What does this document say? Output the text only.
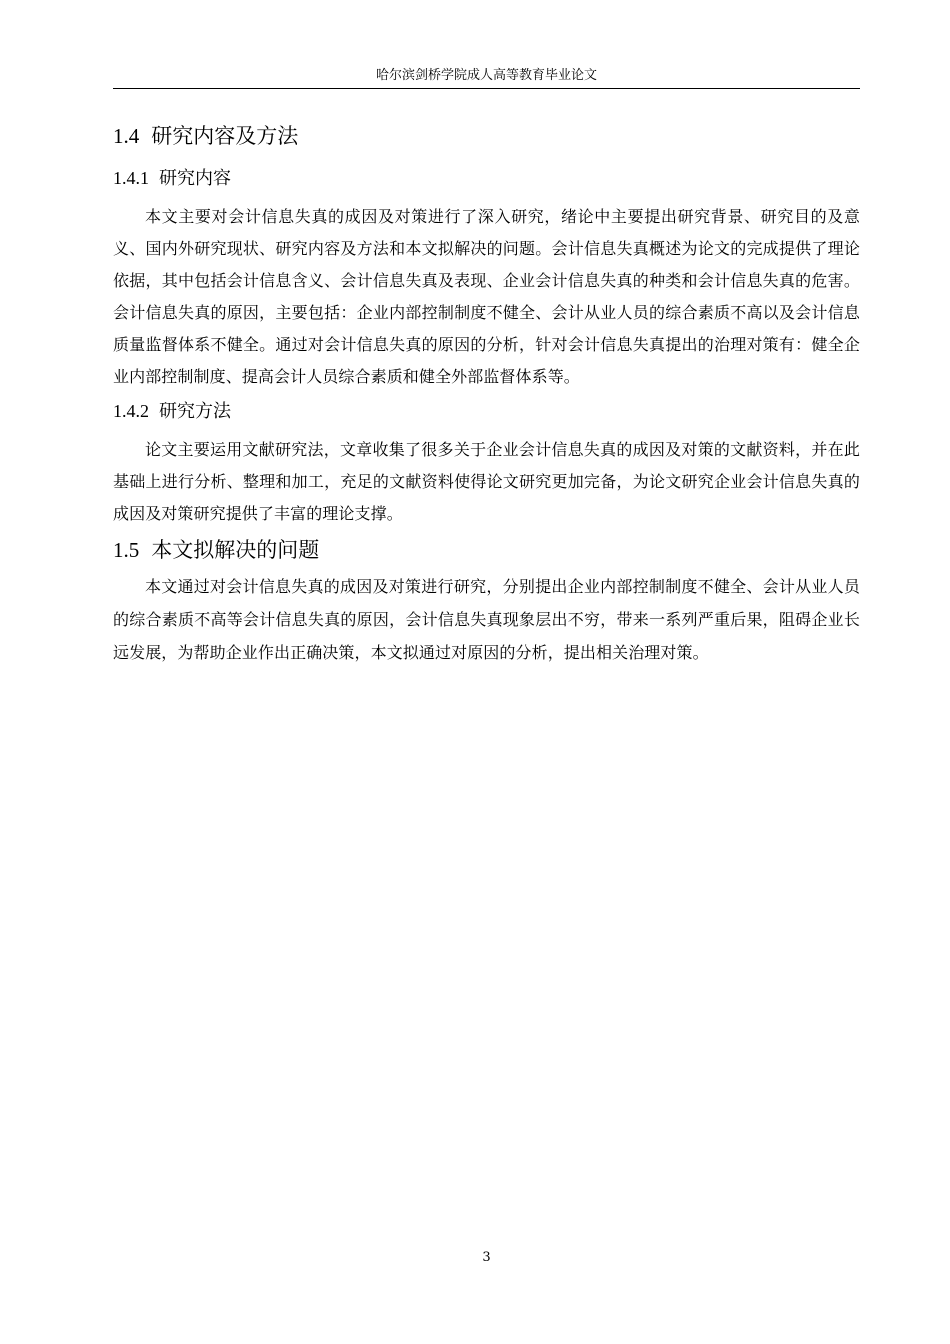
哈尔滨剑桥学院成人高等教育毕业论文
1.4 研究内容及方法
1.4.1 研究内容

本文主要对会计信息失真的成因及对策进行了深入研究，绪论中主要提出研究背景、研究目的及意义、国内外研究现状、研究内容及方法和本文拟解决的问题。会计信息失真概述为论文的完成提供了理论依据，其中包括会计信息含义、会计信息失真及表现、企业会计信息失真的种类和会计信息失真的危害。会计信息失真的原因，主要包括：企业内部控制制度不健全、会计从业人员的综合素质不高以及会计信息质量监督体系不健全。通过对会计信息失真的原因的分析，针对会计信息失真提出的治理对策有：健全企业内部控制制度、提高会计人员综合素质和健全外部监督体系等。

1.4.2 研究方法

论文主要运用文献研究法，文章收集了很多关于企业会计信息失真的成因及对策的文献资料，并在此基础上进行分析、整理和加工，充足的文献资料使得论文研究更加完备，为论文研究企业会计信息失真的成因及对策研究提供了丰富的理论支撑。

1.5 本文拟解决的问题

本文通过对会计信息失真的成因及对策进行研究，分别提出企业内部控制制度不健全、会计从业人员的综合素质不高等会计信息失真的原因，会计信息失真现象层出不穷，带来一系列严重后果，阻碍企业长远发展，为帮助企业作出正确决策，本文拟通过对原因的分析，提出相关治理对策。

3
